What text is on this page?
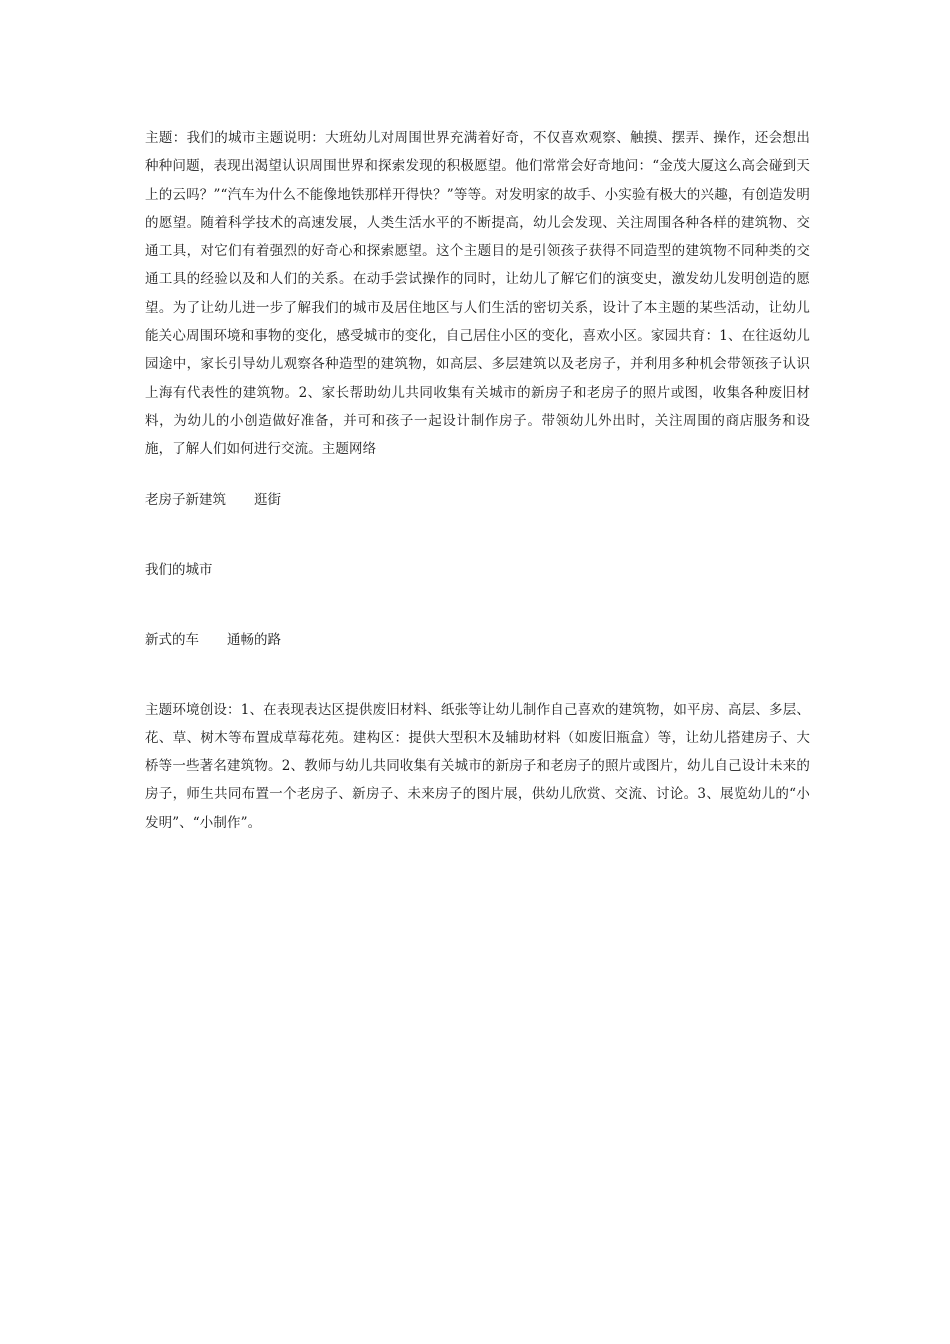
主题：我们的城市主题说明：大班幼儿对周围世界充满着好奇，不仅喜欢观察、触摸、摆弄、操作，还会想出种种问题，表现出渴望认识周围世界和探索发现的积极愿望。他们常常会好奇地问：“金茂大厦这么高会碰到天上的云吗？”“汽车为什么不能像地铁那样开得快？”等等。对发明家的故手、小实验有极大的兴趣，有创造发明的愿望。随着科学技术的高速发展，人类生活水平的不断提高，幼儿会发现、关注周围各种各样的建筑物、交通工具，对它们有着强烈的好奇心和探索愿望。这个主题目的是引领孩子获得不同造型的建筑物不同种类的交通工具的经验以及和人们的关系。在动手尝试操作的同时，让幼儿了解它们的演变史，激发幼儿发明创造的愿望。为了让幼儿进一步了解我们的城市及居住地区与人们生活的密切关系，设计了本主题的某些活动，让幼儿能关心周围环境和事物的变化，感受城市的变化，自己居住小区的变化，喜欢小区。家园共育：1、在往返幼儿园途中，家长引导幼儿观察各种造型的建筑物，如高层、多层建筑以及老房子，并利用多种机会带领孩子认识上海有代表性的建筑物。2、家长帮助幼儿共同收集有关城市的新房子和老房子的照片或图，收集各种废旧材料，为幼儿的小创造做好准备，并可和孩子一起设计制作房子。带领幼儿外出时，关注周围的商店服务和设施，了解人们如何进行交流。主题网络

老房子新建筑 逛街
我们的城市
新式的车 通畅的路

主题环境创设：1、在表现表达区提供废旧材料、纸张等让幼儿制作自己喜欢的建筑物，如平房、高层、多层、花、草、树木等布置成草莓花苑。建构区：提供大型积木及辅助材料（如废旧瓶盒）等，让幼儿搭建房子、大桥等一些著名建筑物。2、教师与幼儿共同收集有关城市的新房子和老房子的照片或图片，幼儿自己设计未来的房子，师生共同布置一个老房子、新房子、未来房子的图片展，供幼儿欣赏、交流、讨论。3、展览幼儿的“小发明”、“小制作”。
